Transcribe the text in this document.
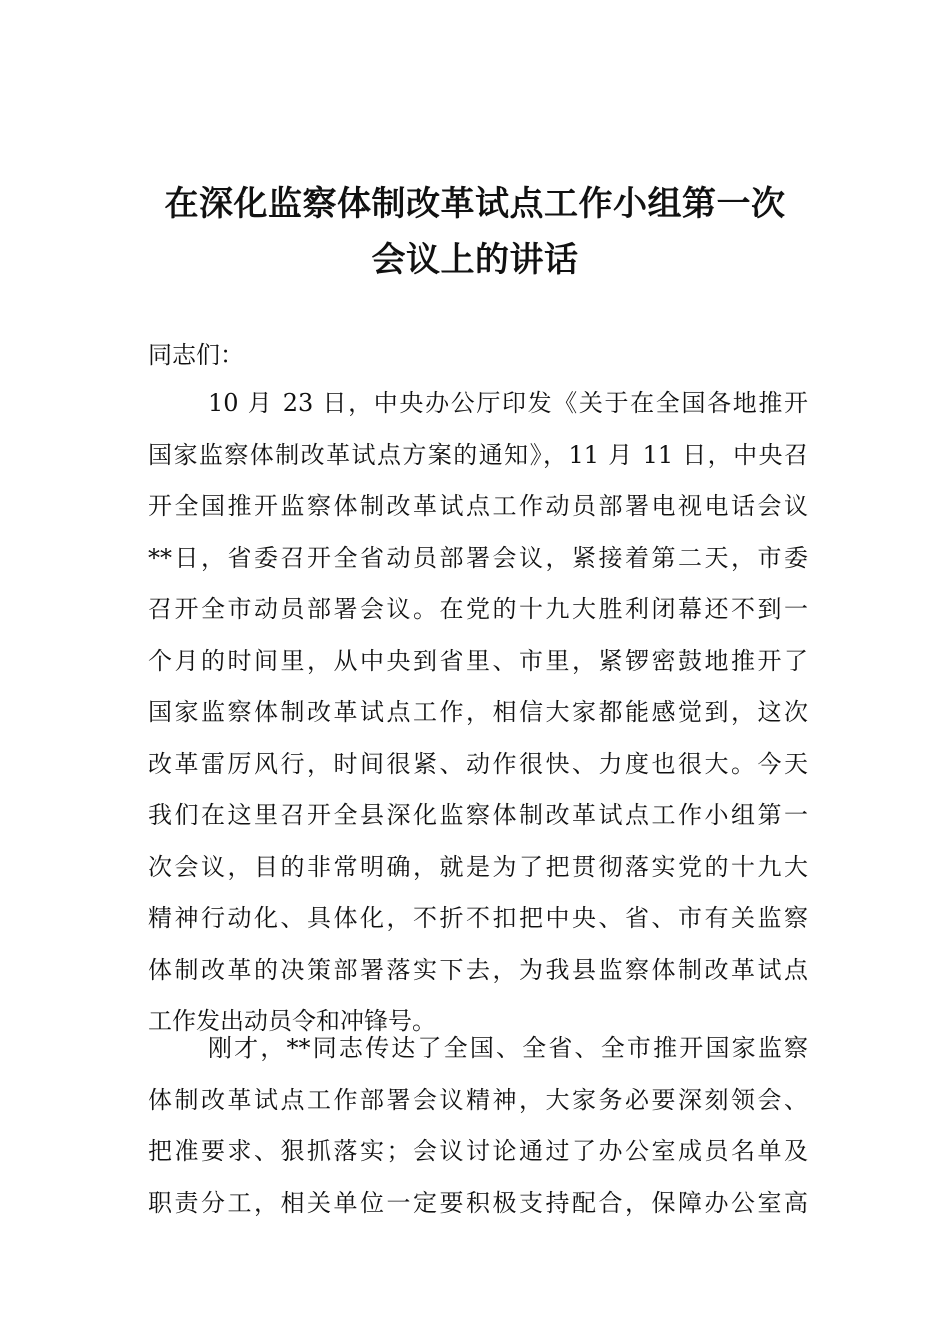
在深化监察体制改革试点工作小组第一次
会议上的讲话
同志们：
10 月 23 日，中央办公厅印发《关于在全国各地推开
国家监察体制改革试点方案的通知》，11 月 11 日，中央召
开全国推开监察体制改革试点工作动员部署电视电话会议
**日，省委召开全省动员部署会议，紧接着第二天，市委
召开全市动员部署会议。在党的十九大胜利闭幕还不到一
个月的时间里，从中央到省里、市里，紧锣密鼓地推开了
国家监察体制改革试点工作，相信大家都能感觉到，这次
改革雷厉风行，时间很紧、动作很快、力度也很大。今天
我们在这里召开全县深化监察体制改革试点工作小组第一
次会议，目的非常明确，就是为了把贯彻落实党的十九大
精神行动化、具体化，不折不扣把中央、省、市有关监察
体制改革的决策部署落实下去，为我县监察体制改革试点
工作发出动员令和冲锋号。
刚才，**同志传达了全国、全省、全市推开国家监察
体制改革试点工作部署会议精神，大家务必要深刻领会、
把准要求、狠抓落实；会议讨论通过了办公室成员名单及
职责分工，相关单位一定要积极支持配合，保障办公室高
